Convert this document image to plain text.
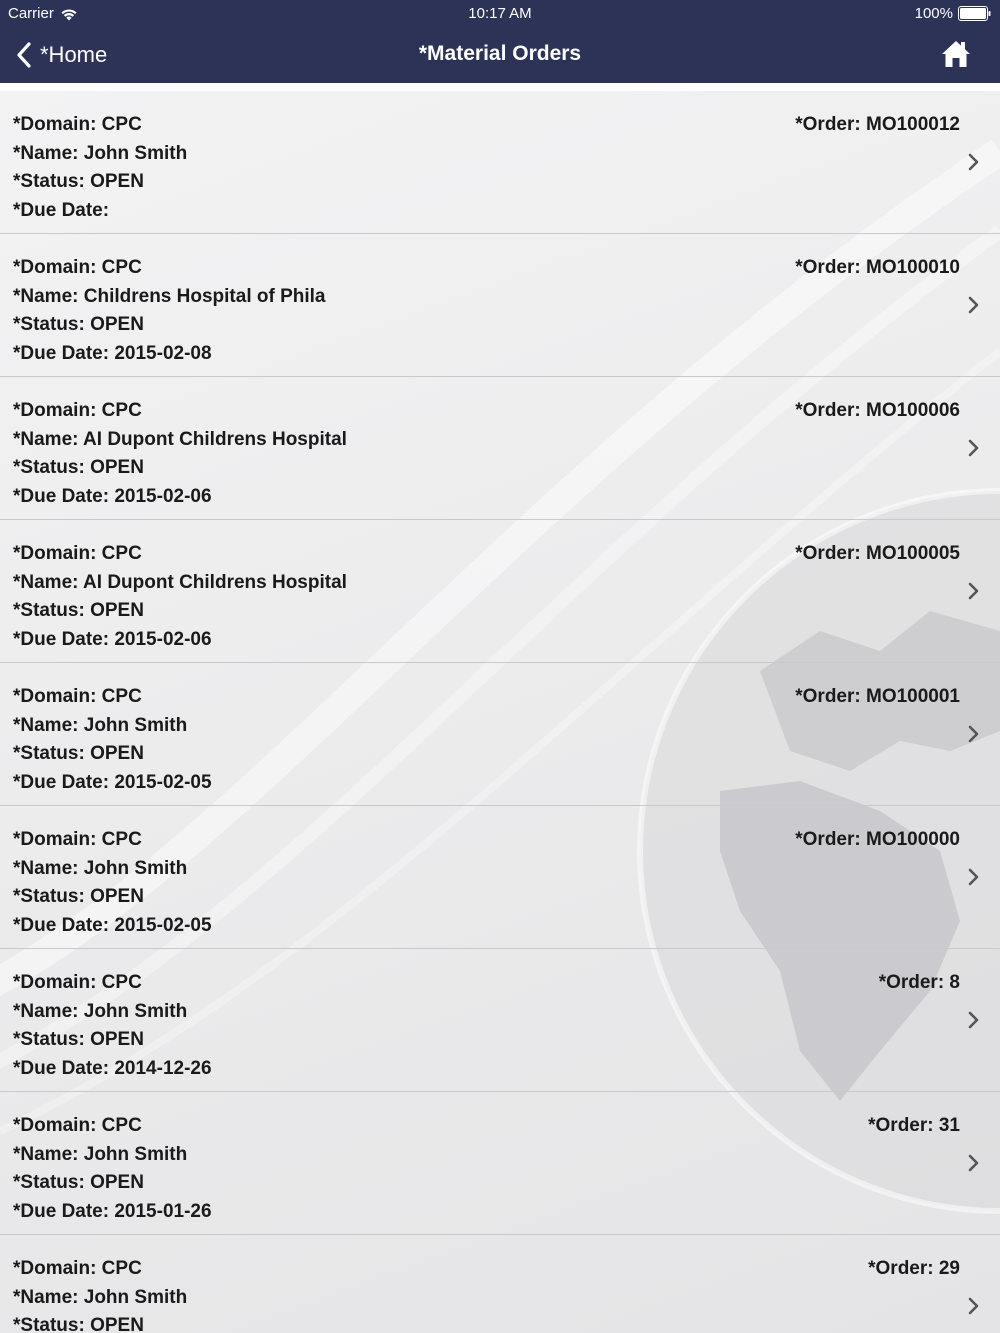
Carrier	10:17 AM	100%
*Home	*Material Orders
*Domain: CPC
*Name: John Smith
*Status: OPEN
*Due Date:
*Order: MO100012
*Domain: CPC
*Name: Childrens Hospital of Phila
*Status: OPEN
*Due Date: 2015-02-08
*Order: MO100010
*Domain: CPC
*Name: AI Dupont Childrens Hospital
*Status: OPEN
*Due Date: 2015-02-06
*Order: MO100006
*Domain: CPC
*Name: AI Dupont Childrens Hospital
*Status: OPEN
*Due Date: 2015-02-06
*Order: MO100005
*Domain: CPC
*Name: John Smith
*Status: OPEN
*Due Date: 2015-02-05
*Order: MO100001
*Domain: CPC
*Name: John Smith
*Status: OPEN
*Due Date: 2015-02-05
*Order: MO100000
*Domain: CPC
*Name: John Smith
*Status: OPEN
*Due Date: 2014-12-26
*Order: 8
*Domain: CPC
*Name: John Smith
*Status: OPEN
*Due Date: 2015-01-26
*Order: 31
*Domain: CPC
*Name: John Smith
*Status: OPEN
*Order: 29
